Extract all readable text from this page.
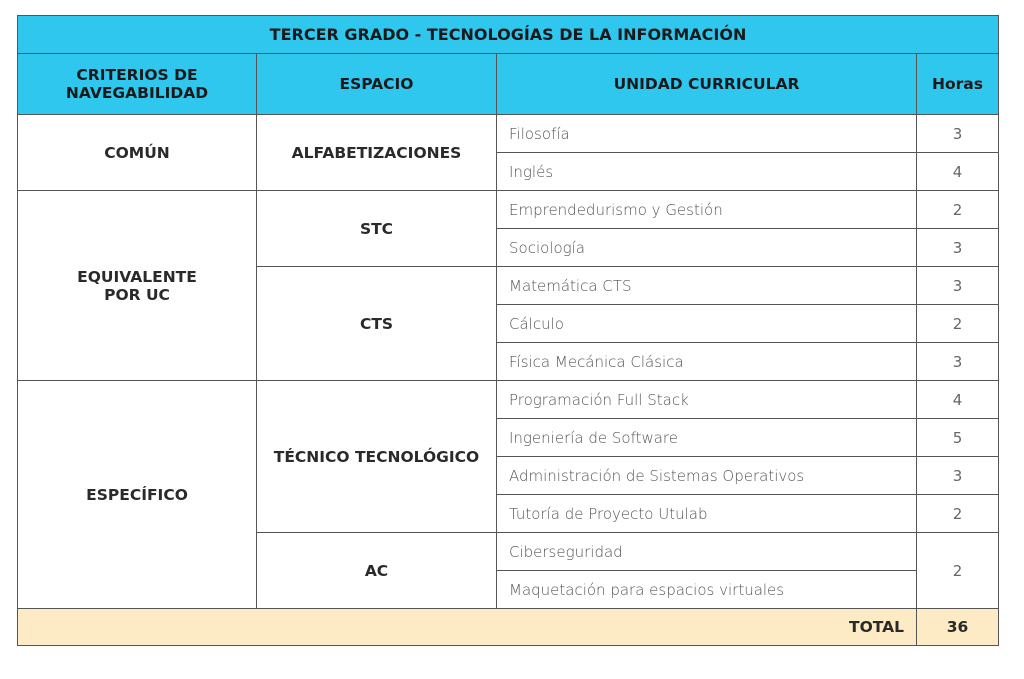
TERCER GRADO - TECNOLOGÍAS DE LA INFORMACIÓN			
CRITERIOS DE
NAVEGABILIDAD	ESPACIO	UNIDAD CURRICULAR	Horas
COMÚN	ALFABETIZACIONES	Filosofía	3
		Inglés	4
EQUIVALENTE
POR UC	STC	Emprendedurismo y Gestión	2
		Sociología	3
	CTS	Matemática CTS	3
		Cálculo	2
		Física Mecánica Clásica	3
ESPECÍFICO	TÉCNICO TECNOLÓGICO	Programación Full Stack	4
		Ingeniería de Software	5
		Administración de Sistemas Operativos	3
		Tutoría de Proyecto Utulab	2
	AC	Ciberseguridad	2
		Maquetación para espacios virtuales	
TOTAL			36
